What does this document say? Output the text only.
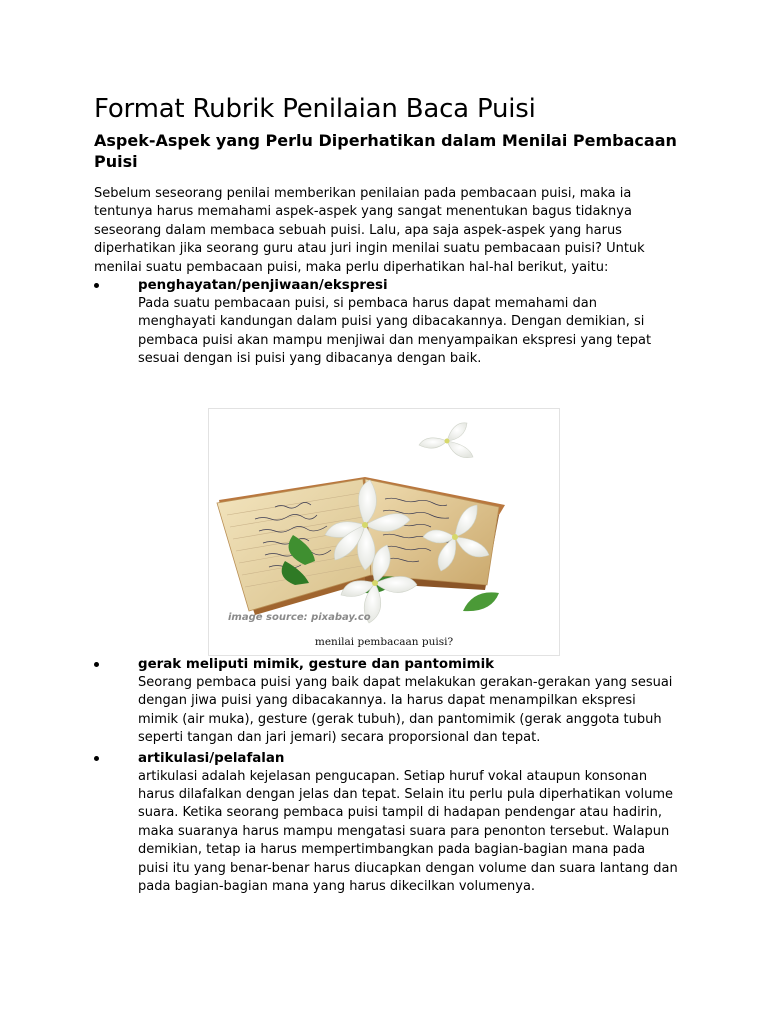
Format Rubrik Penilaian Baca Puisi
Aspek-Aspek yang Perlu Diperhatikan dalam Menilai Pembacaan Puisi

Sebelum seseorang penilai memberikan penilaian pada pembacaan puisi, maka ia tentunya harus memahami aspek-aspek yang sangat menentukan bagus tidaknya seseorang dalam membaca sebuah puisi. Lalu, apa saja aspek-aspek yang harus diperhatikan jika seorang guru atau juri ingin menilai suatu pembacaan puisi? Untuk menilai suatu pembacaan puisi, maka perlu diperhatikan hal-hal berikut, yaitu:

penghayatan/penjiwaan/ekspresi
Pada suatu pembacaan puisi, si pembaca harus dapat memahami dan menghayati kandungan dalam puisi yang dibacakannya. Dengan demikian, si pembaca puisi akan mampu menjiwai dan menyampaikan ekspresi yang tepat sesuai dengan isi puisi yang dibacanya dengan baik.
image source: pixabay.co
menilai pembacaan puisi?
gerak meliputi mimik, gesture dan pantomimik
Seorang pembaca puisi yang baik dapat melakukan gerakan-gerakan yang sesuai dengan jiwa puisi yang dibacakannya. Ia harus dapat menampilkan ekspresi mimik (air muka), gesture (gerak tubuh), dan pantomimik (gerak anggota tubuh seperti tangan dan jari jemari) secara proporsional dan tepat.
artikulasi/pelafalan
artikulasi adalah kejelasan pengucapan. Setiap huruf vokal ataupun konsonan harus dilafalkan dengan jelas dan tepat. Selain itu perlu pula diperhatikan volume suara. Ketika seorang pembaca puisi tampil di hadapan pendengar atau hadirin, maka suaranya harus mampu mengatasi suara para penonton tersebut. Walapun demikian, tetap ia harus mempertimbangkan pada bagian-bagian mana pada puisi itu yang benar-benar harus diucapkan dengan volume dan suara lantang dan pada bagian-bagian mana yang harus dikecilkan volumenya.
